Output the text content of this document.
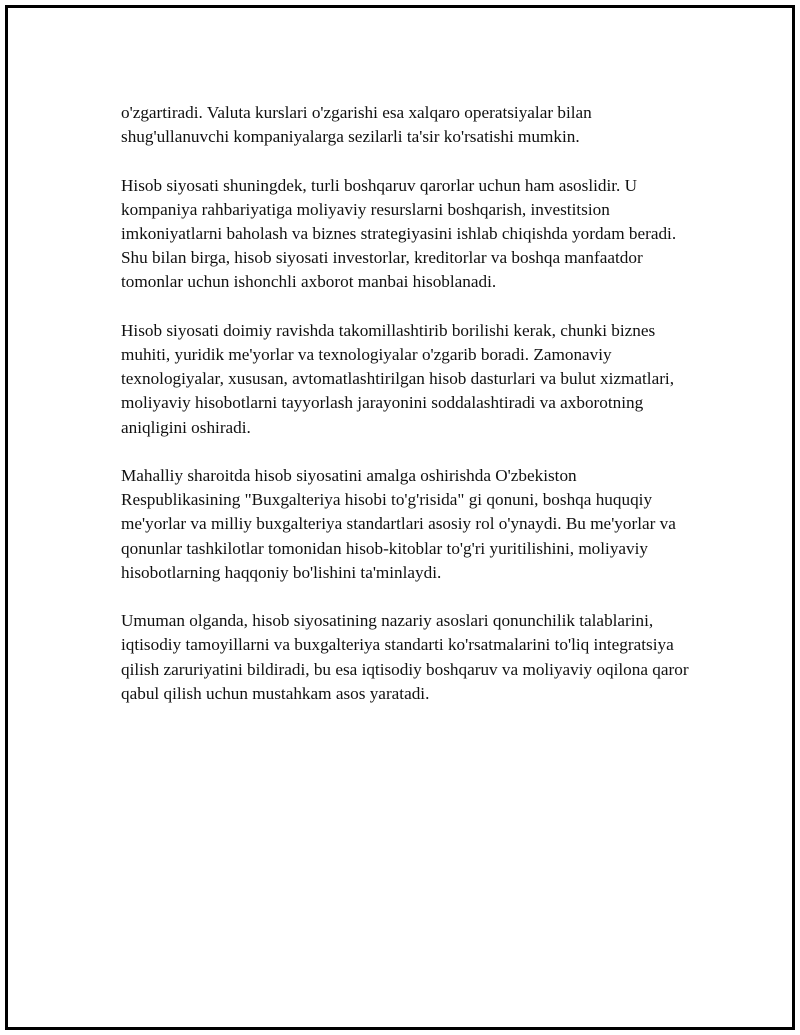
o'zgartiradi. Valuta kurslari o'zgarishi esa xalqaro operatsiyalar bilan shug'ullanuvchi kompaniyalarga sezilarli ta'sir ko'rsatishi mumkin.

Hisob siyosati shuningdek, turli boshqaruv qarorlar uchun ham asoslidir. U kompaniya rahbariyatiga moliyaviy resurslarni boshqarish, investitsion imkoniyatlarni baholash va biznes strategiyasini ishlab chiqishda yordam beradi. Shu bilan birga, hisob siyosati investorlar, kreditorlar va boshqa manfaatdor tomonlar uchun ishonchli axborot manbai hisoblanadi.

Hisob siyosati doimiy ravishda takomillashtirib borilishi kerak, chunki biznes muhiti, yuridik me'yorlar va texnologiyalar o'zgarib boradi. Zamonaviy texnologiyalar, xususan, avtomatlashtirilgan hisob dasturlari va bulut xizmatlari, moliyaviy hisobotlarni tayyorlash jarayonini soddalashtiradi va axborotning aniqligini oshiradi.

Mahalliy sharoitda hisob siyosatini amalga oshirishda O'zbekiston Respublikasining "Buxgalteriya hisobi to'g'risida" gi qonuni, boshqa huquqiy me'yorlar va milliy buxgalteriya standartlari asosiy rol o'ynaydi. Bu me'yorlar va qonunlar tashkilotlar tomonidan hisob-kitoblar to'g'ri yuritilishini, moliyaviy hisobotlarning haqqoniy bo'lishini ta'minlaydi.

Umuman olganda, hisob siyosatining nazariy asoslari qonunchilik talablarini, iqtisodiy tamoyillarni va buxgalteriya standarti ko'rsatmalarini to'liq integratsiya qilish zaruriyatini bildiradi, bu esa iqtisodiy boshqaruv va moliyaviy oqilona qaror qabul qilish uchun mustahkam asos yaratadi.
